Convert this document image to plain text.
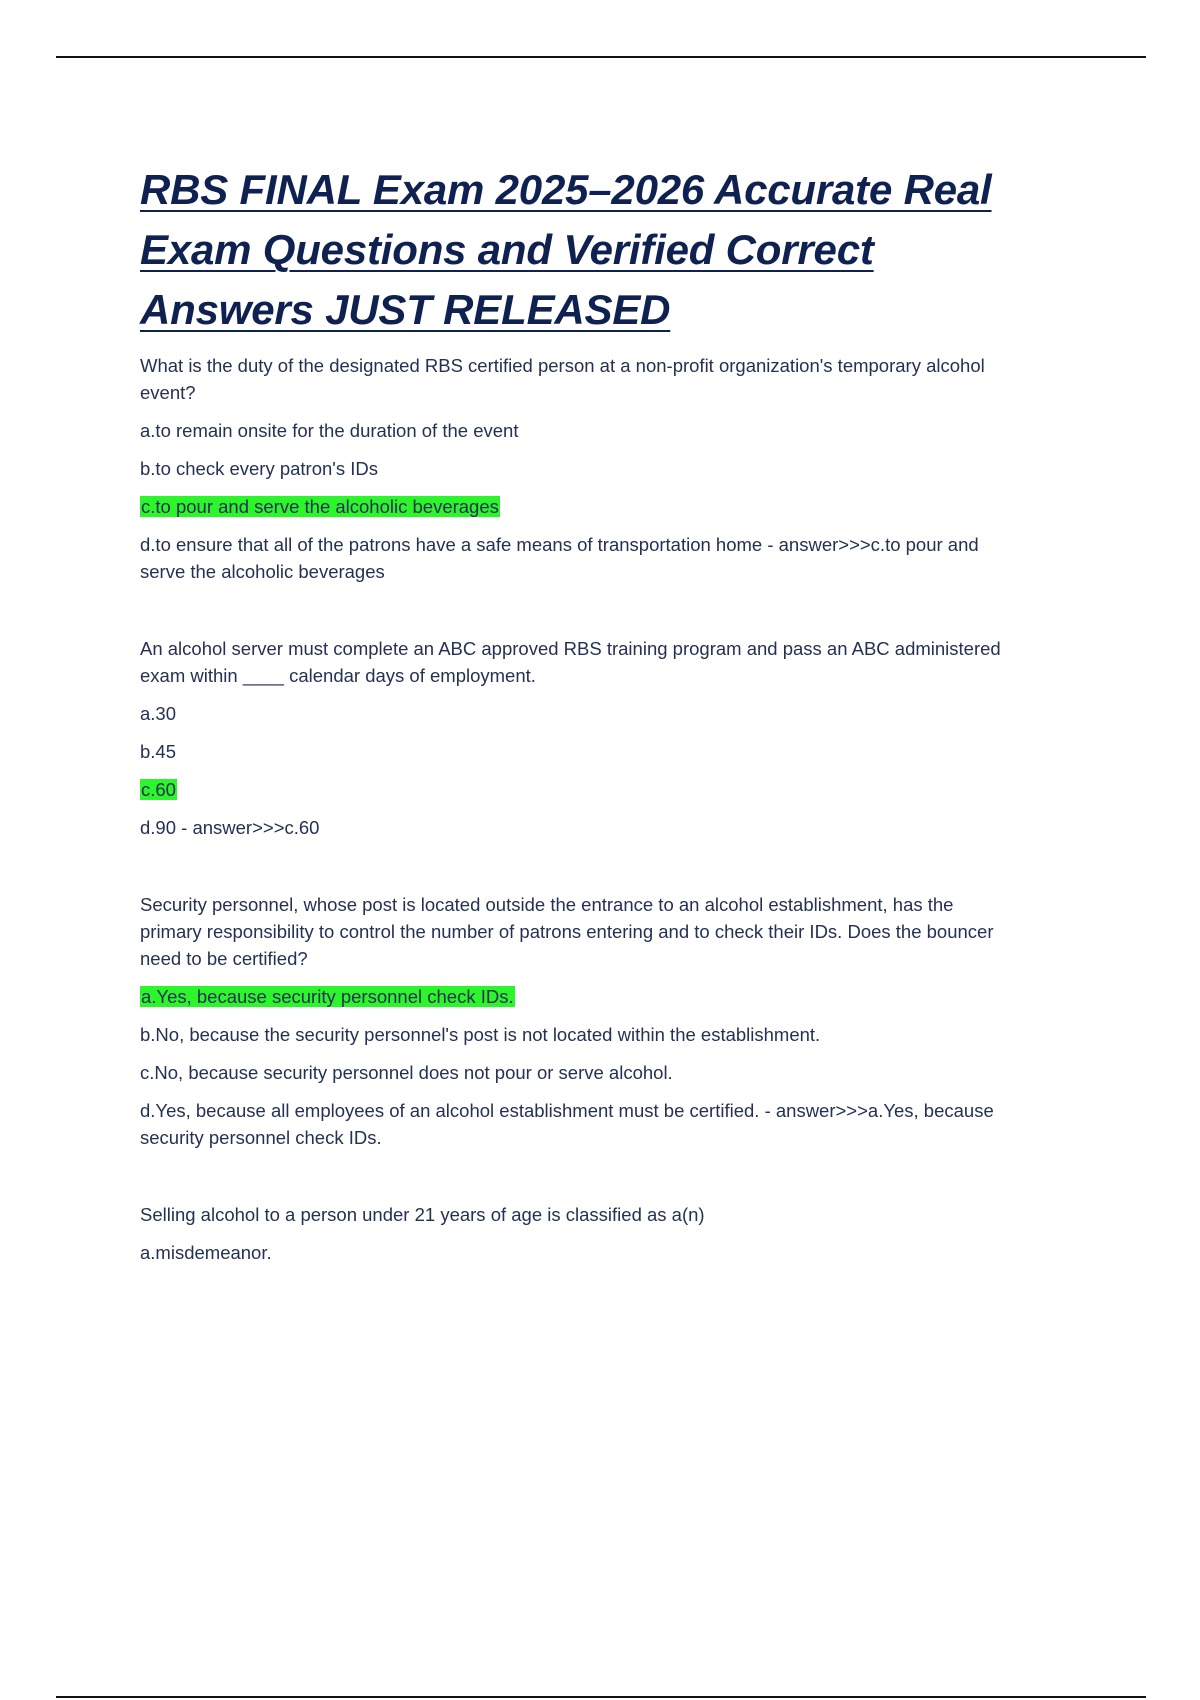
RBS FINAL Exam 2025–2026 Accurate Real Exam Questions and Verified Correct Answers JUST RELEASED

What is the duty of the designated RBS certified person at a non-profit organization's temporary alcohol event?

a.to remain onsite for the duration of the event

b.to check every patron's IDs

c.to pour and serve the alcoholic beverages

d.to ensure that all of the patrons have a safe means of transportation home - answer>>>c.to pour and serve the alcoholic beverages

An alcohol server must complete an ABC approved RBS training program and pass an ABC administered exam within ____ calendar days of employment.

a.30

b.45

c.60

d.90 - answer>>>c.60

Security personnel, whose post is located outside the entrance to an alcohol establishment, has the primary responsibility to control the number of patrons entering and to check their IDs. Does the bouncer need to be certified?

a.Yes, because security personnel check IDs.

b.No, because the security personnel's post is not located within the establishment.

c.No, because security personnel does not pour or serve alcohol.

d.Yes, because all employees of an alcohol establishment must be certified. - answer>>>a.Yes, because security personnel check IDs.

Selling alcohol to a person under 21 years of age is classified as a(n)

a.misdemeanor.
